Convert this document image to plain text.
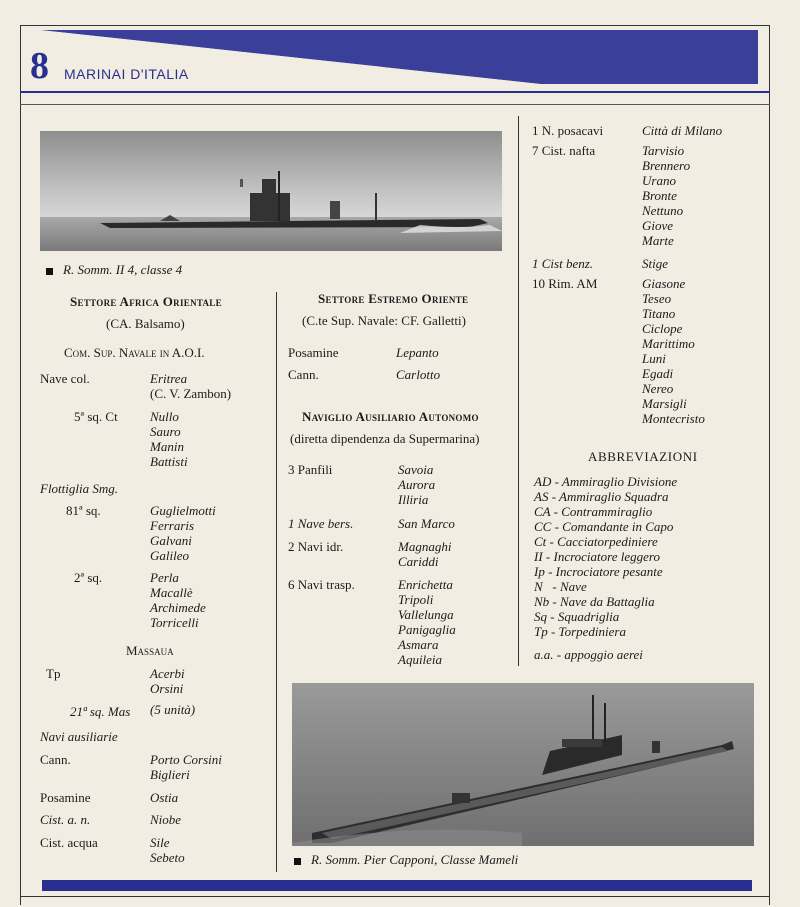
8 MARINAI D'ITALIA
R. Somm. II 4, classe 4
Settore Africa Orientale
(CA. Balsamo)
Com. Sup. Navale in A.O.I.
Nave col.	Eritrea
(C. V. Zambon)
5ª sq. Ct Nullo
Sauro
Manin
Battisti
Flottiglia Smg.
81ª sq.	Guglielmotti
Ferraris
Galvani
Galileo
2ª sq.	Perla
Macallè
Archimede
Torricelli
Massaua
Tp	Acerbi
Orsini
21ª sq. Mas (5 unità)
Navi ausiliarie
Cann.	Porto Corsini
Biglieri
Posamine	Ostia
Cist. a. n.	Niobe
Cist. acqua	Sile
Sebeto
Settore Estremo Oriente
(C.te Sup. Navale: CF. Galletti)
Posamine	Lepanto
Cann.	Carlotto
Naviglio Ausiliario Autonomo
(diretta dipendenza da Supermarina)
3 Panfili	Savoia
Aurora
Illiria
1 Nave bers.	San Marco
2 Navi idr.	Magnaghi
Cariddi
6 Navi trasp.	Enrichetta
Tripoli
Vallelunga
Panigaglia
Asmara
Aquileia
1 N. posacavi	Città di Milano
7 Cist. nafta	Tarvisio
Brennero
Urano
Bronte
Nettuno
Giove
Marte
1 Cist benz.	Stige
10 Rim. AM	Giasone
Teseo
Titano
Ciclope
Marittimo
Luni
Egadi
Nereo
Marsigli
Montecristo
ABBREVIAZIONI
AD - Ammiraglio Divisione
AS - Ammiraglio Squadra
CA - Contrammiraglio
CC - Comandante in Capo
Ct - Cacciatorpediniere
II - Incrociatore leggero
Ip - Incrociatore pesante
N   - Nave
Nb - Nave da Battaglia
Sq - Squadriglia
Tp - Torpediniera
a.a. - appoggio aerei
R. Somm. Pier Capponi, Classe Mameli
